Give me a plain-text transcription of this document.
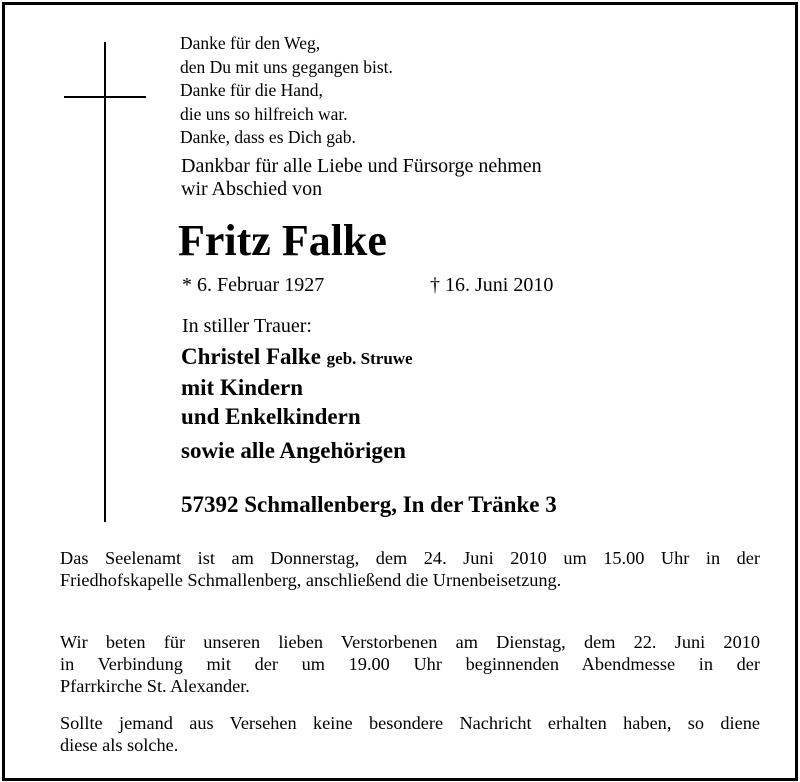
Danke für den Weg,
den Du mit uns gegangen bist.
Danke für die Hand,
die uns so hilfreich war.
Danke, dass es Dich gab.
Dankbar für alle Liebe und Fürsorge nehmen
wir Abschied von
Fritz Falke
* 6. Februar 1927	† 16. Juni 2010
In stiller Trauer:
Christel Falke geb. Struwe
mit Kindern
und Enkelkindern
sowie alle Angehörigen
57392 Schmallenberg, In der Tränke 3
Das Seelenamt ist am Donnerstag, dem 24. Juni 2010 um 15.00 Uhr in der
Friedhofskapelle Schmallenberg, anschließend die Urnenbeisetzung.
Wir beten für unseren lieben Verstorbenen am Dienstag, dem 22. Juni 2010
in Verbindung mit der um 19.00 Uhr beginnenden Abendmesse in der
Pfarrkirche St. Alexander.
Sollte jemand aus Versehen keine besondere Nachricht erhalten haben, so diene
diese als solche.
